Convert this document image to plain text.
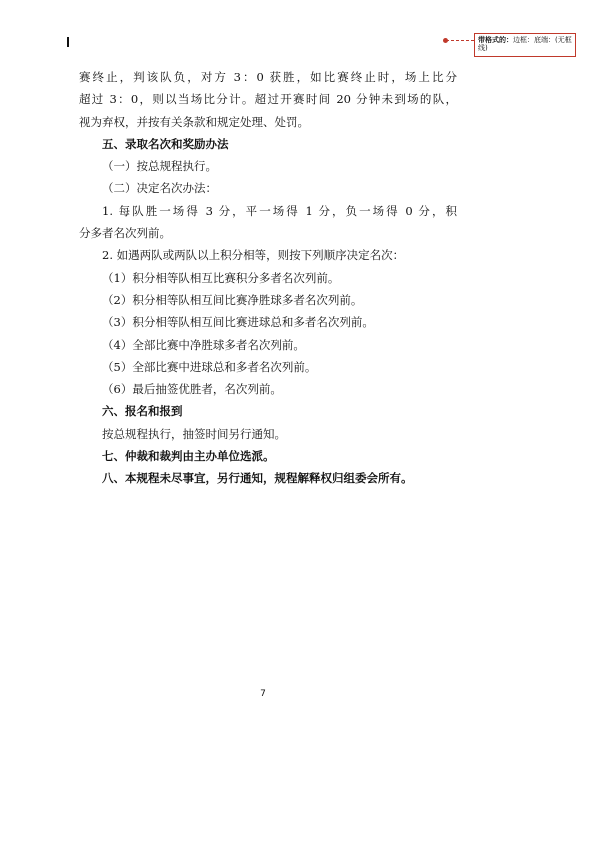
带格式的：边框：底端：(无框线)

赛终止，判该队负，对方 3：0 获胜，如比赛终止时，场上比分

超过 3：0，则以当场比分计。超过开赛时间 20 分钟未到场的队，

视为弃权，并按有关条款和规定处理、处罚。

五、录取名次和奖励办法

（一）按总规程执行。

（二）决定名次办法：

1. 每队胜一场得 3 分，平一场得 1 分，负一场得 0 分，积

分多者名次列前。

2. 如遇两队或两队以上积分相等，则按下列顺序决定名次：

（1）积分相等队相互比赛积分多者名次列前。

（2）积分相等队相互间比赛净胜球多者名次列前。

（3）积分相等队相互间比赛进球总和多者名次列前。

（4）全部比赛中净胜球多者名次列前。

（5）全部比赛中进球总和多者名次列前。

（6）最后抽签优胜者，名次列前。

六、报名和报到

按总规程执行，抽签时间另行通知。

七、仲裁和裁判由主办单位选派。

八、本规程未尽事宜，另行通知，规程解释权归组委会所有。

7
